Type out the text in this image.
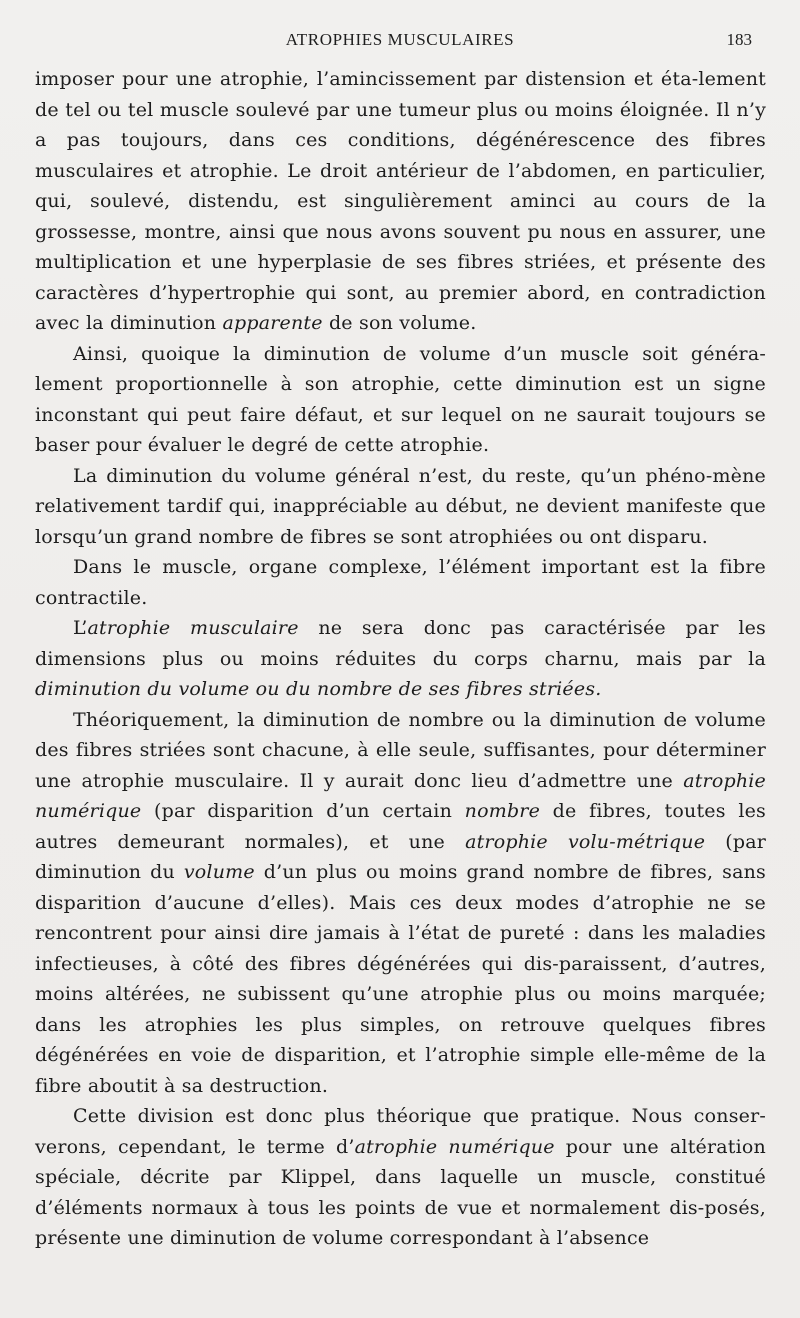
ATROPHIES MUSCULAIRES	183

imposer pour une atrophie, l’amincissement par distension et éta-lement de tel ou tel muscle soulevé par une tumeur plus ou moins éloignée. Il n’y a pas toujours, dans ces conditions, dégénérescence des fibres musculaires et atrophie. Le droit antérieur de l’abdomen, en particulier, qui, soulevé, distendu, est singulièrement aminci au cours de la grossesse, montre, ainsi que nous avons souvent pu nous en assurer, une multiplication et une hyperplasie de ses fibres striées, et présente des caractères d’hypertrophie qui sont, au premier abord, en contradiction avec la diminution apparente de son volume.

Ainsi, quoique la diminution de volume d’un muscle soit généra-lement proportionnelle à son atrophie, cette diminution est un signe inconstant qui peut faire défaut, et sur lequel on ne saurait toujours se baser pour évaluer le degré de cette atrophie.

La diminution du volume général n’est, du reste, qu’un phéno-mène relativement tardif qui, inappréciable au début, ne devient manifeste que lorsqu’un grand nombre de fibres se sont atrophiées ou ont disparu.

Dans le muscle, organe complexe, l’élément important est la fibre contractile.

L’atrophie musculaire ne sera donc pas caractérisée par les dimensions plus ou moins réduites du corps charnu, mais par la diminution du volume ou du nombre de ses fibres striées.

Théoriquement, la diminution de nombre ou la diminution de volume des fibres striées sont chacune, à elle seule, suffisantes, pour déterminer une atrophie musculaire. Il y aurait donc lieu d’admettre une atrophie numérique (par disparition d’un certain nombre de fibres, toutes les autres demeurant normales), et une atrophie volu-métrique (par diminution du volume d’un plus ou moins grand nombre de fibres, sans disparition d’aucune d’elles). Mais ces deux modes d’atrophie ne se rencontrent pour ainsi dire jamais à l’état de pureté : dans les maladies infectieuses, à côté des fibres dégénérées qui dis-paraissent, d’autres, moins altérées, ne subissent qu’une atrophie plus ou moins marquée; dans les atrophies les plus simples, on retrouve quelques fibres dégénérées en voie de disparition, et l’atrophie simple elle-même de la fibre aboutit à sa destruction.

Cette division est donc plus théorique que pratique. Nous conser-verons, cependant, le terme d’atrophie numérique pour une altération spéciale, décrite par Klippel, dans laquelle un muscle, constitué d’éléments normaux à tous les points de vue et normalement dis-posés, présente une diminution de volume correspondant à l’absence
